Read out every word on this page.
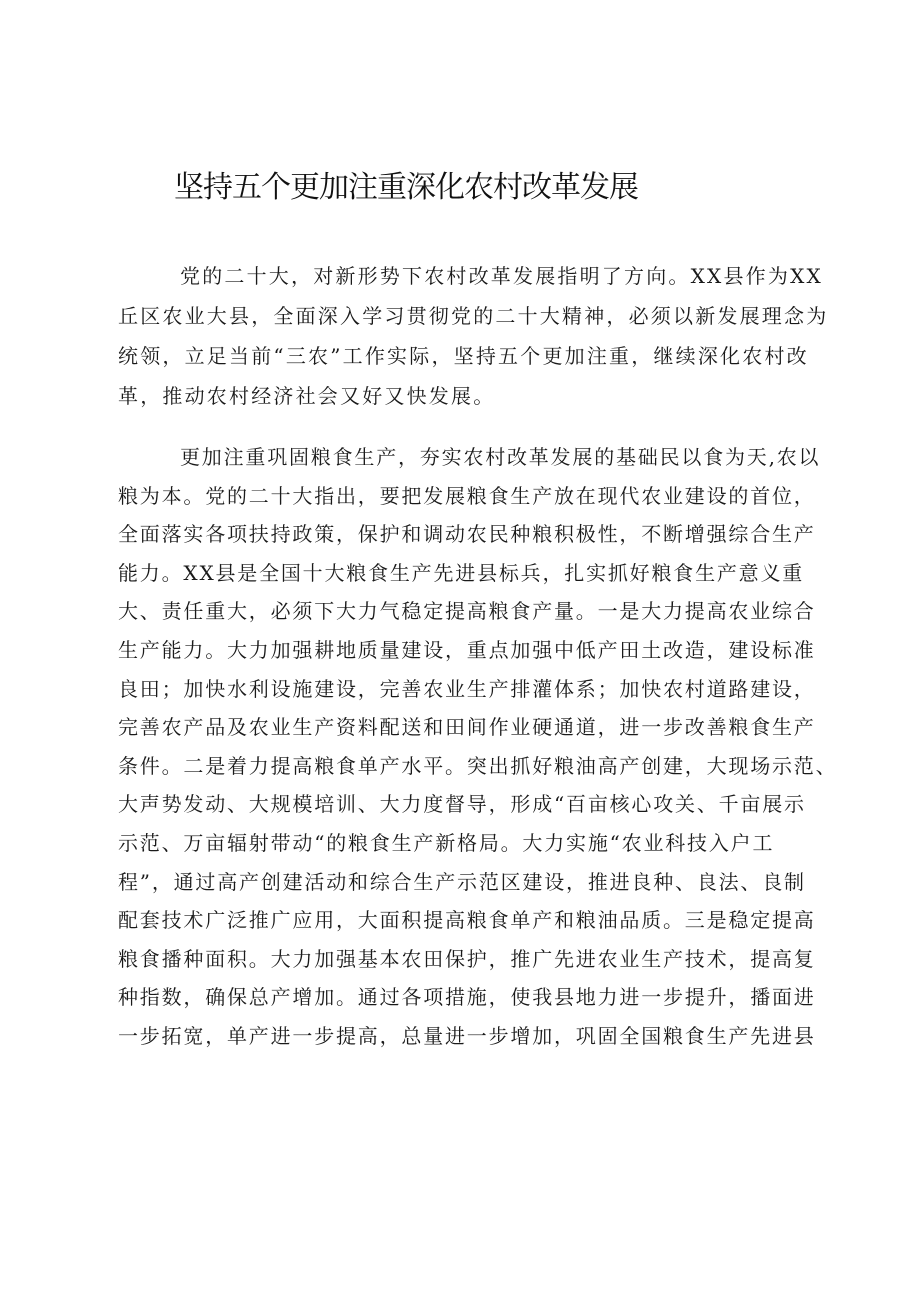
坚持五个更加注重深化农村改革发展
党的二十大，对新形势下农村改革发展指明了方向。XX县作为XX
丘区农业大县，全面深入学习贯彻党的二十大精神，必须以新发展理念为
统领，立足当前“三农”工作实际，坚持五个更加注重，继续深化农村改
革，推动农村经济社会又好又快发展。
更加注重巩固粮食生产，夯实农村改革发展的基础民以食为天,农以
粮为本。党的二十大指出，要把发展粮食生产放在现代农业建设的首位，
全面落实各项扶持政策，保护和调动农民种粮积极性，不断增强综合生产
能力。XX县是全国十大粮食生产先进县标兵，扎实抓好粮食生产意义重
大、责任重大，必须下大力气稳定提高粮食产量。一是大力提高农业综合
生产能力。大力加强耕地质量建设，重点加强中低产田土改造，建设标准
良田；加快水利设施建设，完善农业生产排灌体系；加快农村道路建设，
完善农产品及农业生产资料配送和田间作业硬通道，进一步改善粮食生产
条件。二是着力提高粮食单产水平。突出抓好粮油高产创建，大现场示范、
大声势发动、大规模培训、大力度督导，形成“百亩核心攻关、千亩展示
示范、万亩辐射带动“的粮食生产新格局。大力实施“农业科技入户工
程”，通过高产创建活动和综合生产示范区建设，推进良种、良法、良制
配套技术广泛推广应用，大面积提高粮食单产和粮油品质。三是稳定提高
粮食播种面积。大力加强基本农田保护，推广先进农业生产技术，提高复
种指数，确保总产增加。通过各项措施，使我县地力进一步提升，播面进
一步拓宽，单产进一步提高，总量进一步增加，巩固全国粮食生产先进县
